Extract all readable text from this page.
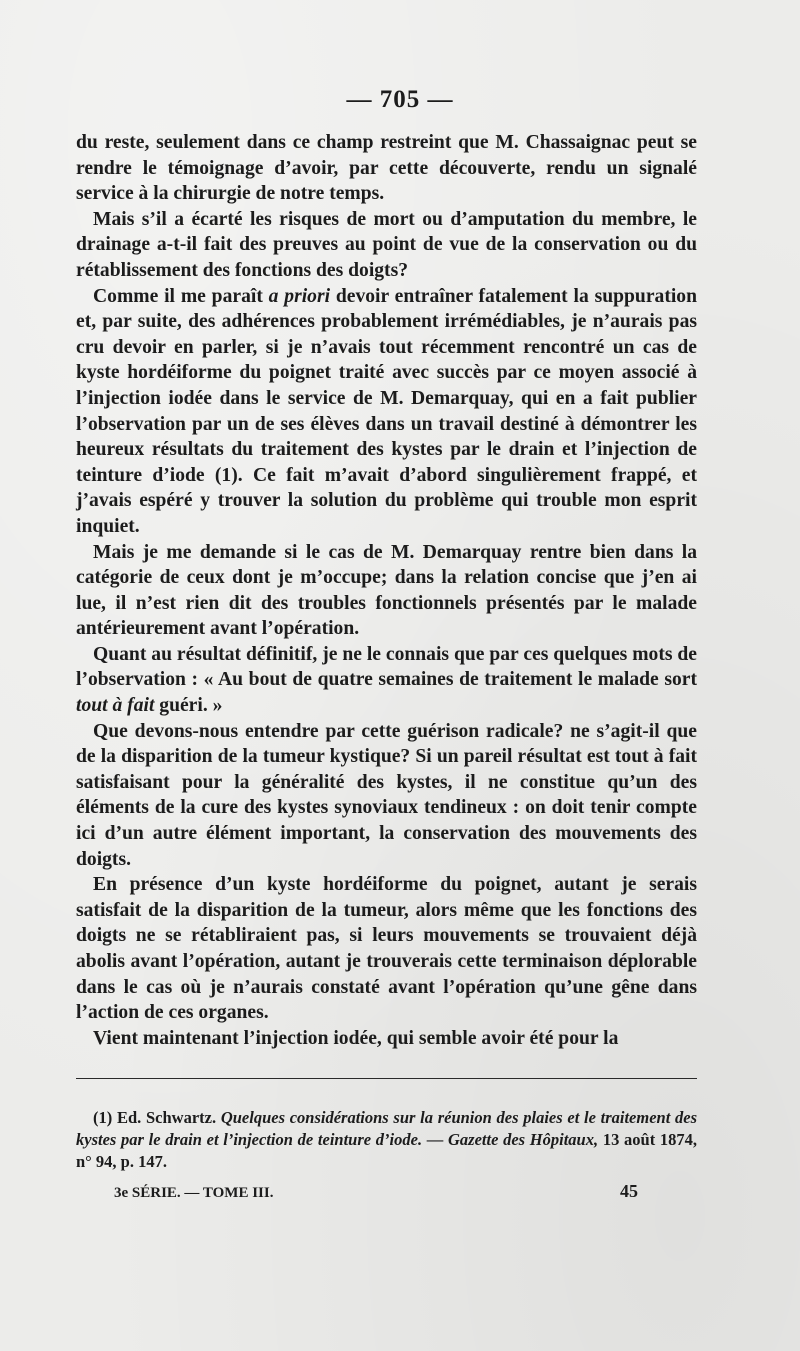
— 705 —

du reste, seulement dans ce champ restreint que M. Chassaignac peut se rendre le témoignage d’avoir, par cette découverte, rendu un signalé service à la chirurgie de notre temps.

Mais s’il a écarté les risques de mort ou d’amputation du membre, le drainage a-t-il fait des preuves au point de vue de la conservation ou du rétablissement des fonctions des doigts?

Comme il me paraît a priori devoir entraîner fatalement la suppuration et, par suite, des adhérences probablement irrémédiables, je n’aurais pas cru devoir en parler, si je n’avais tout récemment rencontré un cas de kyste hordéiforme du poignet traité avec succès par ce moyen associé à l’injection iodée dans le service de M. Demarquay, qui en a fait publier l’observation par un de ses élèves dans un travail destiné à démontrer les heureux résultats du traitement des kystes par le drain et l’injection de teinture d’iode (1). Ce fait m’avait d’abord singulièrement frappé, et j’avais espéré y trouver la solution du problème qui trouble mon esprit inquiet.

Mais je me demande si le cas de M. Demarquay rentre bien dans la catégorie de ceux dont je m’occupe; dans la relation concise que j’en ai lue, il n’est rien dit des troubles fonctionnels présentés par le malade antérieurement avant l’opération.

Quant au résultat définitif, je ne le connais que par ces quelques mots de l’observation : « Au bout de quatre semaines de traitement le malade sort tout à fait guéri. »

Que devons-nous entendre par cette guérison radicale? ne s’agit-il que de la disparition de la tumeur kystique? Si un pareil résultat est tout à fait satisfaisant pour la généralité des kystes, il ne constitue qu’un des éléments de la cure des kystes synoviaux tendineux : on doit tenir compte ici d’un autre élément important, la conservation des mouvements des doigts.

En présence d’un kyste hordéiforme du poignet, autant je serais satisfait de la disparition de la tumeur, alors même que les fonctions des doigts ne se rétabliraient pas, si leurs mouvements se trouvaient déjà abolis avant l’opération, autant je trouverais cette terminaison déplorable dans le cas où je n’aurais constaté avant l’opération qu’une gêne dans l’action de ces organes.

Vient maintenant l’injection iodée, qui semble avoir été pour la

(1) Ed. Schwartz. Quelques considérations sur la réunion des plaies et le traitement des kystes par le drain et l’injection de teinture d’iode. — Gazette des Hôpitaux, 13 août 1874, n° 94, p. 147.

3e SÉRIE. — TOME III.	45
